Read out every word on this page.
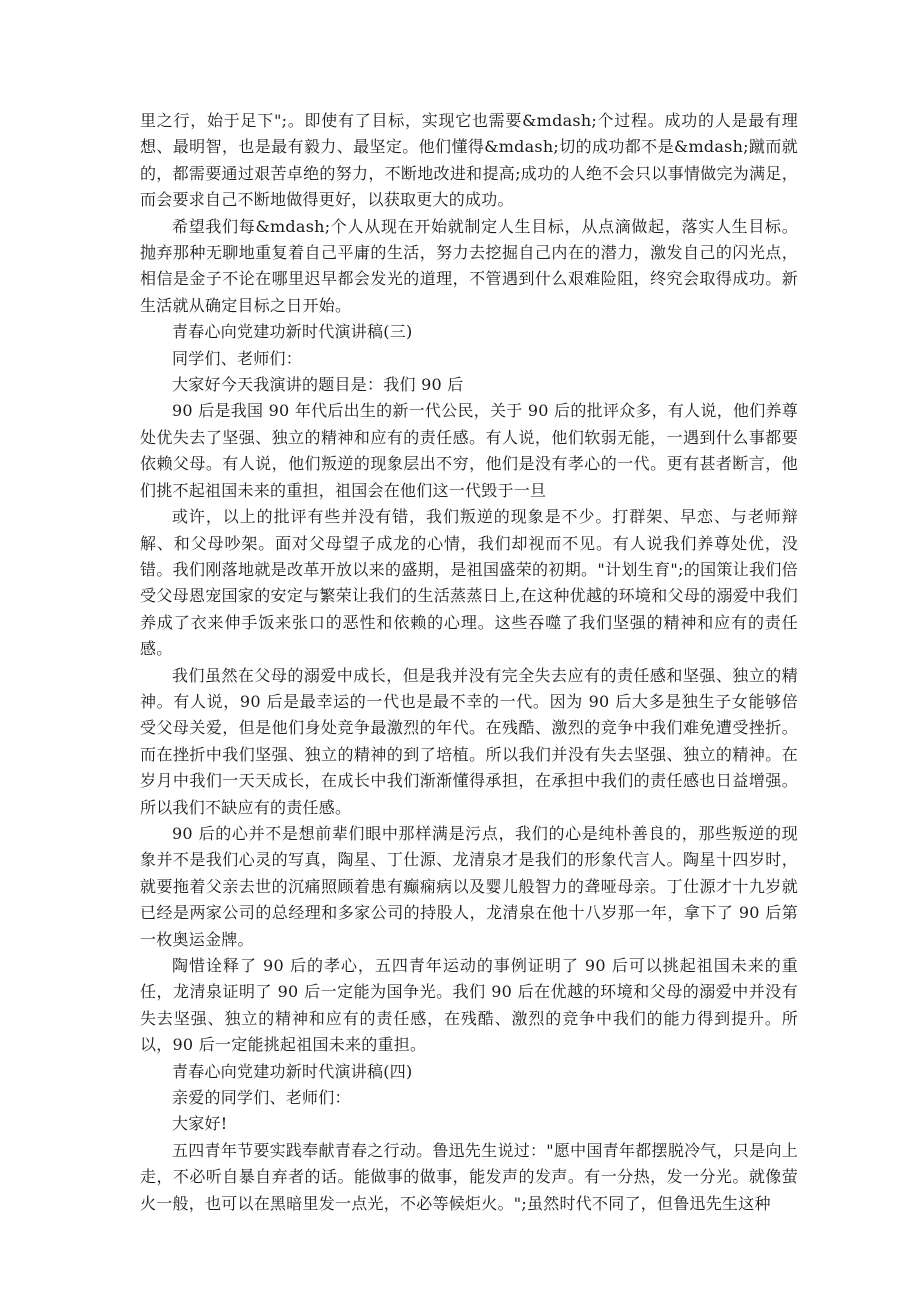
里之行，始于足下";。即使有了目标，实现它也需要&mdash;个过程。成功的人是最有理想、最明智，也是最有毅力、最坚定。他们懂得&mdash;切的成功都不是&mdash;蹴而就的，都需要通过艰苦卓绝的努力，不断地改进和提高;成功的人绝不会只以事情做完为满足，而会要求自己不断地做得更好，以获取更大的成功。

希望我们每&mdash;个人从现在开始就制定人生目标，从点滴做起，落实人生目标。抛弃那种无聊地重复着自己平庸的生活，努力去挖掘自己内在的潜力，激发自己的闪光点，相信是金子不论在哪里迟早都会发光的道理，不管遇到什么艰难险阻，终究会取得成功。新生活就从确定目标之日开始。

青春心向党建功新时代演讲稿(三)

同学们、老师们：

大家好今天我演讲的题目是：我们 90 后

90 后是我国 90 年代后出生的新一代公民，关于 90 后的批评众多，有人说，他们养尊处优失去了坚强、独立的精神和应有的责任感。有人说，他们软弱无能，一遇到什么事都要依赖父母。有人说，他们叛逆的现象层出不穷，他们是没有孝心的一代。更有甚者断言，他们挑不起祖国未来的重担，祖国会在他们这一代毁于一旦

或许，以上的批评有些并没有错，我们叛逆的现象是不少。打群架、早恋、与老师辩解、和父母吵架。面对父母望子成龙的心情，我们却视而不见。有人说我们养尊处优，没错。我们刚落地就是改革开放以来的盛期，是祖国盛荣的初期。"计划生育";的国策让我们倍受父母恩宠国家的安定与繁荣让我们的生活蒸蒸日上,在这种优越的环境和父母的溺爱中我们养成了衣来伸手饭来张口的恶性和依赖的心理。这些吞噬了我们坚强的精神和应有的责任感。

我们虽然在父母的溺爱中成长，但是我并没有完全失去应有的责任感和坚强、独立的精神。有人说，90 后是最幸运的一代也是最不幸的一代。因为 90 后大多是独生子女能够倍受父母关爱，但是他们身处竞争最激烈的年代。在残酷、激烈的竞争中我们难免遭受挫折。而在挫折中我们坚强、独立的精神的到了培植。所以我们并没有失去坚强、独立的精神。在岁月中我们一天天成长，在成长中我们渐渐懂得承担，在承担中我们的责任感也日益增强。所以我们不缺应有的责任感。

90 后的心并不是想前辈们眼中那样满是污点，我们的心是纯朴善良的，那些叛逆的现象并不是我们心灵的写真，陶星、丁仕源、龙清泉才是我们的形象代言人。陶星十四岁时，就要拖着父亲去世的沉痛照顾着患有癫痫病以及婴儿般智力的聋哑母亲。丁仕源才十九岁就已经是两家公司的总经理和多家公司的持股人，龙清泉在他十八岁那一年，拿下了 90 后第一枚奥运金牌。

陶惜诠释了 90 后的孝心，五四青年运动的事例证明了 90 后可以挑起祖国未来的重任，龙清泉证明了 90 后一定能为国争光。我们 90 后在优越的环境和父母的溺爱中并没有失去坚强、独立的精神和应有的责任感，在残酷、激烈的竞争中我们的能力得到提升。所以，90 后一定能挑起祖国未来的重担。

青春心向党建功新时代演讲稿(四)

亲爱的同学们、老师们：

大家好!

五四青年节要实践奉献青春之行动。鲁迅先生说过："愿中国青年都摆脱冷气，只是向上走，不必听自暴自弃者的话。能做事的做事，能发声的发声。有一分热，发一分光。就像萤火一般，也可以在黑暗里发一点光，不必等候炬火。";虽然时代不同了，但鲁迅先生这种
